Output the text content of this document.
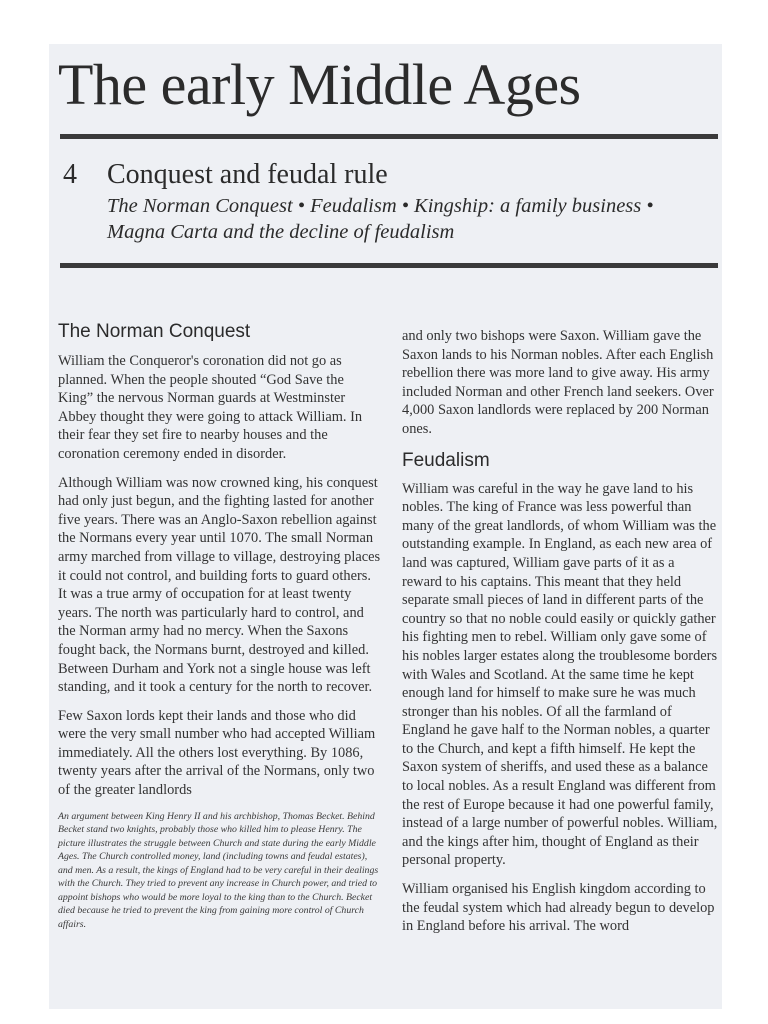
The early Middle Ages
4 Conquest and feudal rule

The Norman Conquest • Feudalism • Kingship: a family business • Magna Carta and the decline of feudalism

The Norman Conquest

William the Conqueror's coronation did not go as planned. When the people shouted “God Save the King” the nervous Norman guards at Westminster Abbey thought they were going to attack William. In their fear they set fire to nearby houses and the coronation ceremony ended in disorder.

Although William was now crowned king, his conquest had only just begun, and the fighting lasted for another five years. There was an Anglo-Saxon rebellion against the Normans every year until 1070. The small Norman army marched from village to village, destroying places it could not control, and building forts to guard others. It was a true army of occupation for at least twenty years. The north was particularly hard to control, and the Norman army had no mercy. When the Saxons fought back, the Normans burnt, destroyed and killed. Between Durham and York not a single house was left standing, and it took a century for the north to recover.

Few Saxon lords kept their lands and those who did were the very small number who had accepted William immediately. All the others lost everything. By 1086, twenty years after the arrival of the Normans, only two of the greater landlords

An argument between King Henry II and his archbishop, Thomas Becket. Behind Becket stand two knights, probably those who killed him to please Henry. The picture illustrates the struggle between Church and state during the early Middle Ages. The Church controlled money, land (including towns and feudal estates), and men. As a result, the kings of England had to be very careful in their dealings with the Church. They tried to prevent any increase in Church power, and tried to appoint bishops who would be more loyal to the king than to the Church. Becket died because he tried to prevent the king from gaining more control of Church affairs.

and only two bishops were Saxon. William gave the Saxon lands to his Norman nobles. After each English rebellion there was more land to give away. His army included Norman and other French land seekers. Over 4,000 Saxon landlords were replaced by 200 Norman ones.

Feudalism

William was careful in the way he gave land to his nobles. The king of France was less powerful than many of the great landlords, of whom William was the outstanding example. In England, as each new area of land was captured, William gave parts of it as a reward to his captains. This meant that they held separate small pieces of land in different parts of the country so that no noble could easily or quickly gather his fighting men to rebel. William only gave some of his nobles larger estates along the troublesome borders with Wales and Scotland. At the same time he kept enough land for himself to make sure he was much stronger than his nobles. Of all the farmland of England he gave half to the Norman nobles, a quarter to the Church, and kept a fifth himself. He kept the Saxon system of sheriffs, and used these as a balance to local nobles. As a result England was different from the rest of Europe because it had one powerful family, instead of a large number of powerful nobles. William, and the kings after him, thought of England as their personal property.

William organised his English kingdom according to the feudal system which had already begun to develop in England before his arrival. The word
